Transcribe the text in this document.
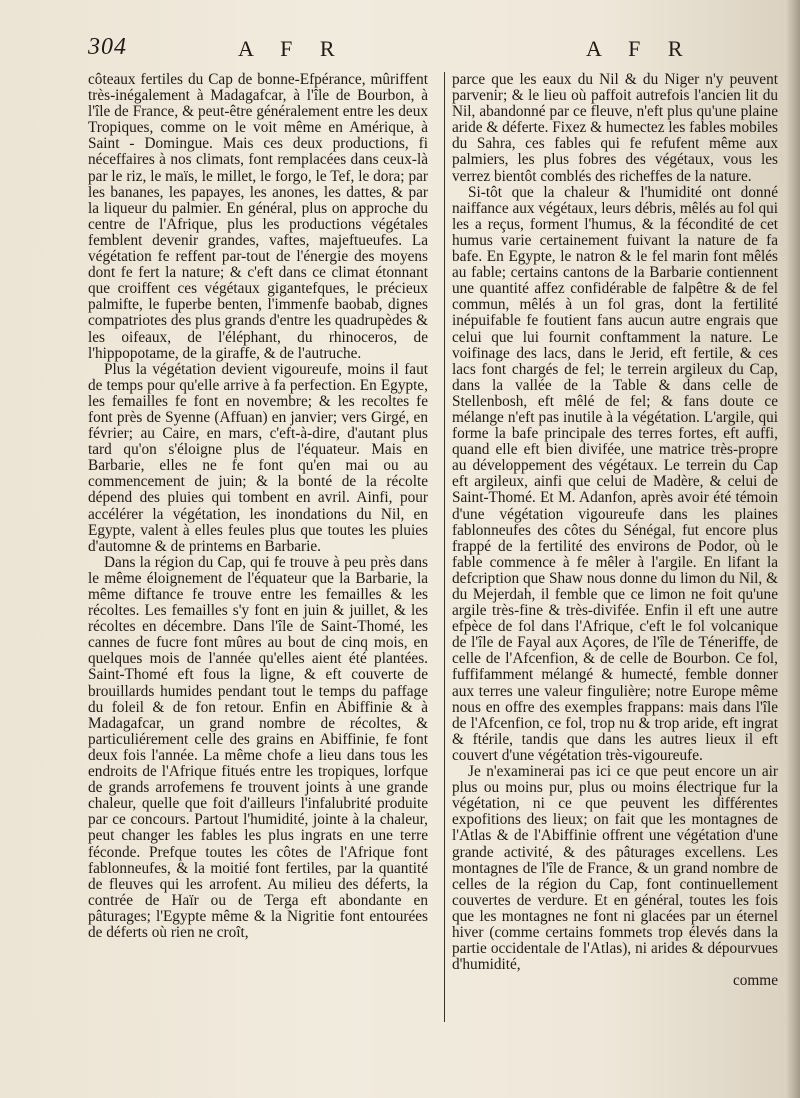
304	A F R	A F R

côteaux fertiles du Cap de bonne-Efpérance, mûriffent très-inégalement à Madagafcar, à l'île de Bourbon, à l'île de France, & peut-être généralement entre les deux Tropiques, comme on le voit même en Amérique, à Saint - Domingue. Mais ces deux productions, fi néceffaires à nos climats, font remplacées dans ceux-là par le riz, le maïs, le millet, le forgo, le Tef, le dora; par les bananes, les papayes, les anones, les dattes, & par la liqueur du palmier. En général, plus on approche du centre de l'Afrique, plus les productions végétales femblent devenir grandes, vaftes, majeftueufes. La végétation fe reffent par-tout de l'énergie des moyens dont fe fert la nature; & c'eft dans ce climat étonnant que croiffent ces végétaux gigantefques, le précieux palmifte, le fuperbe benten, l'immenfe baobab, dignes compatriotes des plus grands d'entre les quadrupèdes & les oifeaux, de l'éléphant, du rhinoceros, de l'hippopotame, de la giraffe, & de l'autruche.

Plus la végétation devient vigoureufe, moins il faut de temps pour qu'elle arrive à fa perfection. En Egypte, les femailles fe font en novembre; & les recoltes fe font près de Syenne (Affuan) en janvier; vers Girgé, en février; au Caire, en mars, c'eft-à-dire, d'autant plus tard qu'on s'éloigne plus de l'équateur. Mais en Barbarie, elles ne fe font qu'en mai ou au commencement de juin; & la bonté de la récolte dépend des pluies qui tombent en avril. Ainfi, pour accélérer la végétation, les inondations du Nil, en Egypte, valent à elles feules plus que toutes les pluies d'automne & de printems en Barbarie.

Dans la région du Cap, qui fe trouve à peu près dans le même éloignement de l'équateur que la Barbarie, la même diftance fe trouve entre les femailles & les récoltes. Les femailles s'y font en juin & juillet, & les récoltes en décembre. Dans l'île de Saint-Thomé, les cannes de fucre font mûres au bout de cinq mois, en quelques mois de l'année qu'elles aient été plantées. Saint-Thomé eft fous la ligne, & eft couverte de brouillards humides pendant tout le temps du paffage du foleil & de fon retour. Enfin en Abiffinie & à Madagafcar, un grand nombre de récoltes, & particuliérement celle des grains en Abiffinie, fe font deux fois l'année. La même chofe a lieu dans tous les endroits de l'Afrique fitués entre les tropiques, lorfque de grands arrofemens fe trouvent joints à une grande chaleur, quelle que foit d'ailleurs l'infalubrité produite par ce concours. Partout l'humidité, jointe à la chaleur, peut changer les fables les plus ingrats en une terre féconde. Prefque toutes les côtes de l'Afrique font fablonneufes, & la moitié font fertiles, par la quantité de fleuves qui les arrofent. Au milieu des déferts, la contrée de Haïr ou de Terga eft abondante en pâturages; l'Egypte même & la Nigritie font entourées de déferts où rien ne croît,

parce que les eaux du Nil & du Niger n'y peuvent parvenir; & le lieu où paffoit autrefois l'ancien lit du Nil, abandonné par ce fleuve, n'eft plus qu'une plaine aride & déferte. Fixez & humectez les fables mobiles du Sahra, ces fables qui fe refufent même aux palmiers, les plus fobres des végétaux, vous les verrez bientôt comblés des richeffes de la nature.

Si-tôt que la chaleur & l'humidité ont donné naiffance aux végétaux, leurs débris, mêlés au fol qui les a reçus, forment l'humus, & la fécondité de cet humus varie certainement fuivant la nature de fa bafe. En Egypte, le natron & le fel marin font mêlés au fable; certains cantons de la Barbarie contiennent une quantité affez confidérable de falpêtre & de fel commun, mêlés à un fol gras, dont la fertilité inépuifable fe foutient fans aucun autre engrais que celui que lui fournit conftamment la nature. Le voifinage des lacs, dans le Jerid, eft fertile, & ces lacs font chargés de fel; le terrein argileux du Cap, dans la vallée de la Table & dans celle de Stellenbosh, eft mêlé de fel; & fans doute ce mélange n'eft pas inutile à la végétation. L'argile, qui forme la bafe principale des terres fortes, eft auffi, quand elle eft bien divifée, une matrice très-propre au développement des végétaux. Le terrein du Cap eft argileux, ainfi que celui de Madère, & celui de Saint-Thomé. Et M. Adanfon, après avoir été témoin d'une végétation vigoureufe dans les plaines fablonneufes des côtes du Sénégal, fut encore plus frappé de la fertilité des environs de Podor, où le fable commence à fe mêler à l'argile. En lifant la defcription que Shaw nous donne du limon du Nil, & du Mejerdah, il femble que ce limon ne foit qu'une argile très-fine & très-divifée. Enfin il eft une autre efpèce de fol dans l'Afrique, c'eft le fol volcanique de l'île de Fayal aux Açores, de l'île de Téneriffe, de celle de l'Afcenfion, & de celle de Bourbon. Ce fol, fuffifamment mélangé & humecté, femble donner aux terres une valeur fingulière; notre Europe même nous en offre des exemples frappans: mais dans l'île de l'Afcenfion, ce fol, trop nu & trop aride, eft ingrat & ftérile, tandis que dans les autres lieux il eft couvert d'une végétation très-vigoureufe.

Je n'examinerai pas ici ce que peut encore un air plus ou moins pur, plus ou moins électrique fur la végétation, ni ce que peuvent les différentes expofitions des lieux; on fait que les montagnes de l'Atlas & de l'Abiffinie offrent une végétation d'une grande activité, & des pâturages excellens. Les montagnes de l'île de France, & un grand nombre de celles de la région du Cap, font continuellement couvertes de verdure. Et en général, toutes les fois que les montagnes ne font ni glacées par un éternel hiver (comme certains fommets trop élevés dans la partie occidentale de l'Atlas), ni arides & dépourvues d'humidité,

comme
